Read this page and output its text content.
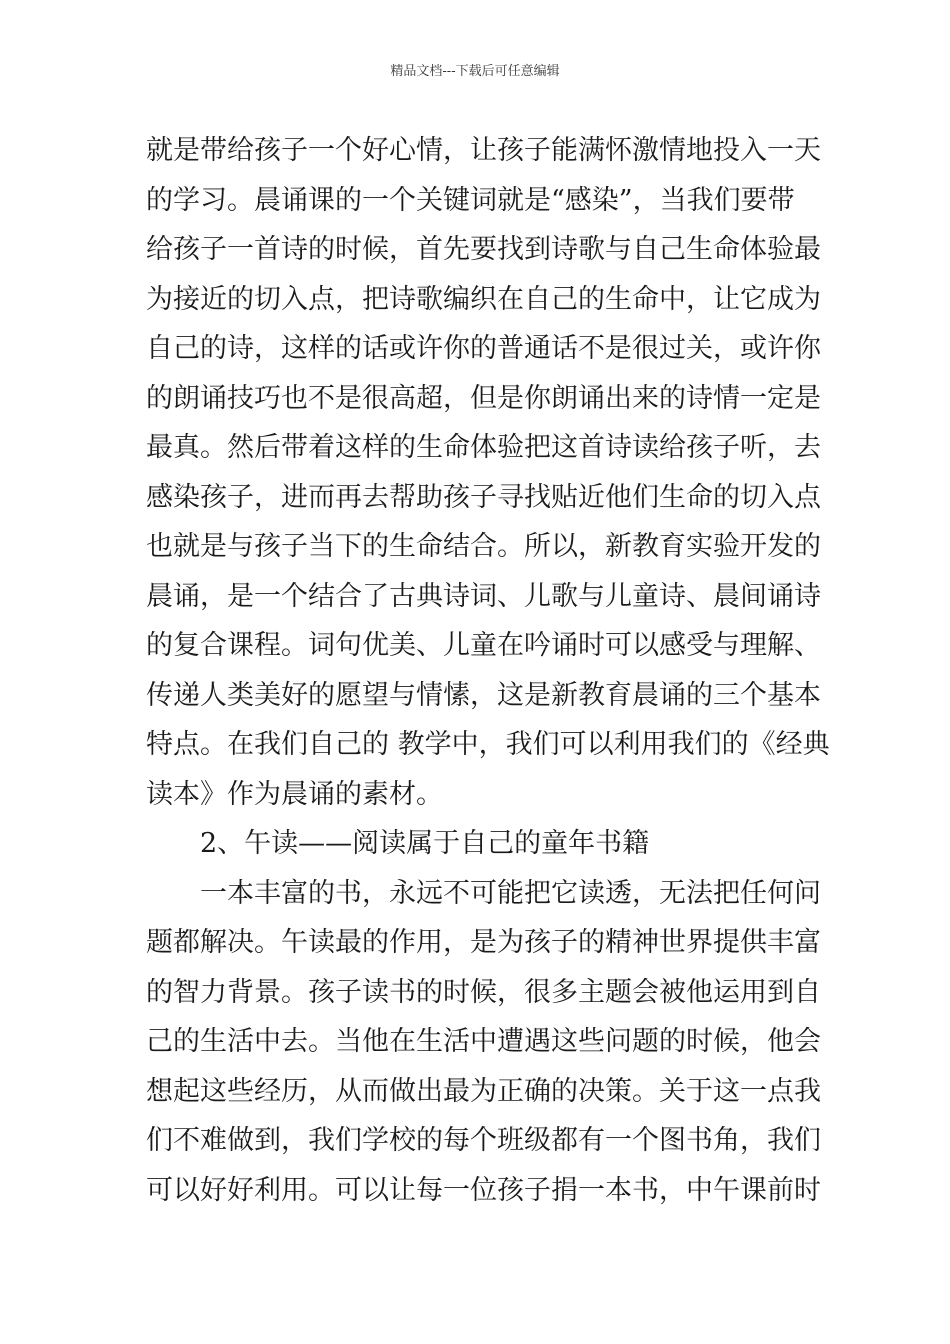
精品文档---下载后可任意编辑
就是带给孩子一个好心情，让孩子能满怀激情地投入一天
的学习。晨诵课的一个关键词就是“感染”，当我们要带
给孩子一首诗的时候，首先要找到诗歌与自己生命体验最
为接近的切入点，把诗歌编织在自己的生命中，让它成为
自己的诗，这样的话或许你的普通话不是很过关，或许你
的朗诵技巧也不是很高超，但是你朗诵出来的诗情一定是
最真。然后带着这样的生命体验把这首诗读给孩子听，去
感染孩子，进而再去帮助孩子寻找贴近他们生命的切入点
也就是与孩子当下的生命结合。所以，新教育实验开发的
晨诵，是一个结合了古典诗词、儿歌与儿童诗、晨间诵诗
的复合课程。词句优美、儿童在吟诵时可以感受与理解、
传递人类美好的愿望与情愫，这是新教育晨诵的三个基本
特点。在我们自己的 教学中，我们可以利用我们的《经典
读本》作为晨诵的素材。
2、午读——阅读属于自己的童年书籍
一本丰富的书，永远不可能把它读透，无法把任何问
题都解决。午读最的作用，是为孩子的精神世界提供丰富
的智力背景。孩子读书的时候，很多主题会被他运用到自
己的生活中去。当他在生活中遭遇这些问题的时候，他会
想起这些经历，从而做出最为正确的决策。关于这一点我
们不难做到，我们学校的每个班级都有一个图书角，我们
可以好好利用。可以让每一位孩子捐一本书，中午课前时
